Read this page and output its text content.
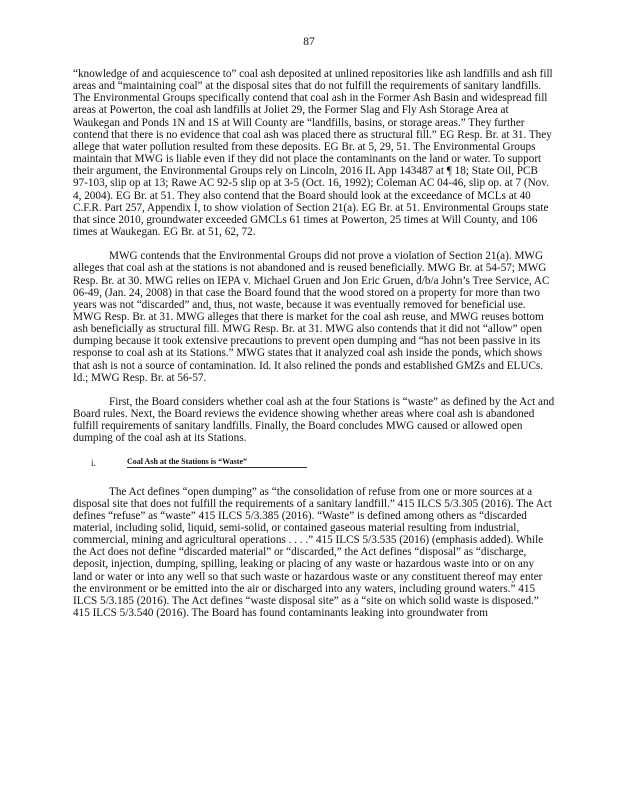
87

“knowledge of and acquiescence to” coal ash deposited at unlined repositories like ash landfills and ash fill areas and “maintaining coal” at the disposal sites that do not fulfill the requirements of sanitary landfills. The Environmental Groups specifically contend that coal ash in the Former Ash Basin and widespread fill areas at Powerton, the coal ash landfills at Joliet 29, the Former Slag and Fly Ash Storage Area at Waukegan and Ponds 1N and 1S at Will County are “landfills, basins, or storage areas.” They further contend that there is no evidence that coal ash was placed there as structural fill.” EG Resp. Br. at 31. They allege that water pollution resulted from these deposits. EG Br. at 5, 29, 51. The Environmental Groups maintain that MWG is liable even if they did not place the contaminants on the land or water. To support their argument, the Environmental Groups rely on Lincoln, 2016 IL App 143487 at ¶ 18; State Oil, PCB 97-103, slip op at 13; Rawe AC 92-5 slip op at 3-5 (Oct. 16, 1992); Coleman AC 04-46, slip op. at 7 (Nov. 4, 2004). EG Br. at 51. They also contend that the Board should look at the exceedance of MCLs at 40 C.F.R. Part 257, Appendix I, to show violation of Section 21(a). EG Br. at 51. Environmental Groups state that since 2010, groundwater exceeded GMCLs 61 times at Powerton, 25 times at Will County, and 106 times at Waukegan. EG Br. at 51, 62, 72.

MWG contends that the Environmental Groups did not prove a violation of Section 21(a). MWG alleges that coal ash at the stations is not abandoned and is reused beneficially. MWG Br. at 54-57; MWG Resp. Br. at 30. MWG relies on IEPA v. Michael Gruen and Jon Eric Gruen, d/b/a John’s Tree Service, AC 06-49, (Jan. 24, 2008) in that case the Board found that the wood stored on a property for more than two years was not “discarded” and, thus, not waste, because it was eventually removed for beneficial use. MWG Resp. Br. at 31. MWG alleges that there is market for the coal ash reuse, and MWG reuses bottom ash beneficially as structural fill. MWG Resp. Br. at 31. MWG also contends that it did not “allow” open dumping because it took extensive precautions to prevent open dumping and “has not been passive in its response to coal ash at its Stations.” MWG states that it analyzed coal ash inside the ponds, which shows that ash is not a source of contamination. Id. It also relined the ponds and established GMZs and ELUCs. Id.; MWG Resp. Br. at 56-57.

First, the Board considers whether coal ash at the four Stations is “waste” as defined by the Act and Board rules. Next, the Board reviews the evidence showing whether areas where coal ash is abandoned fulfill requirements of sanitary landfills. Finally, the Board concludes MWG caused or allowed open dumping of the coal ash at its Stations.

i.	Coal Ash at the Stations is “Waste”

The Act defines “open dumping” as “the consolidation of refuse from one or more sources at a disposal site that does not fulfill the requirements of a sanitary landfill.” 415 ILCS 5/3.305 (2016). The Act defines “refuse” as “waste” 415 ILCS 5/3.385 (2016). “Waste” is defined among others as “discarded material, including solid, liquid, semi-solid, or contained gaseous material resulting from industrial, commercial, mining and agricultural operations . . . .” 415 ILCS 5/3.535 (2016) (emphasis added). While the Act does not define “discarded material” or “discarded,” the Act defines “disposal” as “discharge, deposit, injection, dumping, spilling, leaking or placing of any waste or hazardous waste into or on any land or water or into any well so that such waste or hazardous waste or any constituent thereof may enter the environment or be emitted into the air or discharged into any waters, including ground waters.” 415 ILCS 5/3.185 (2016). The Act defines “waste disposal site” as a “site on which solid waste is disposed.” 415 ILCS 5/3.540 (2016). The Board has found contaminants leaking into groundwater from
